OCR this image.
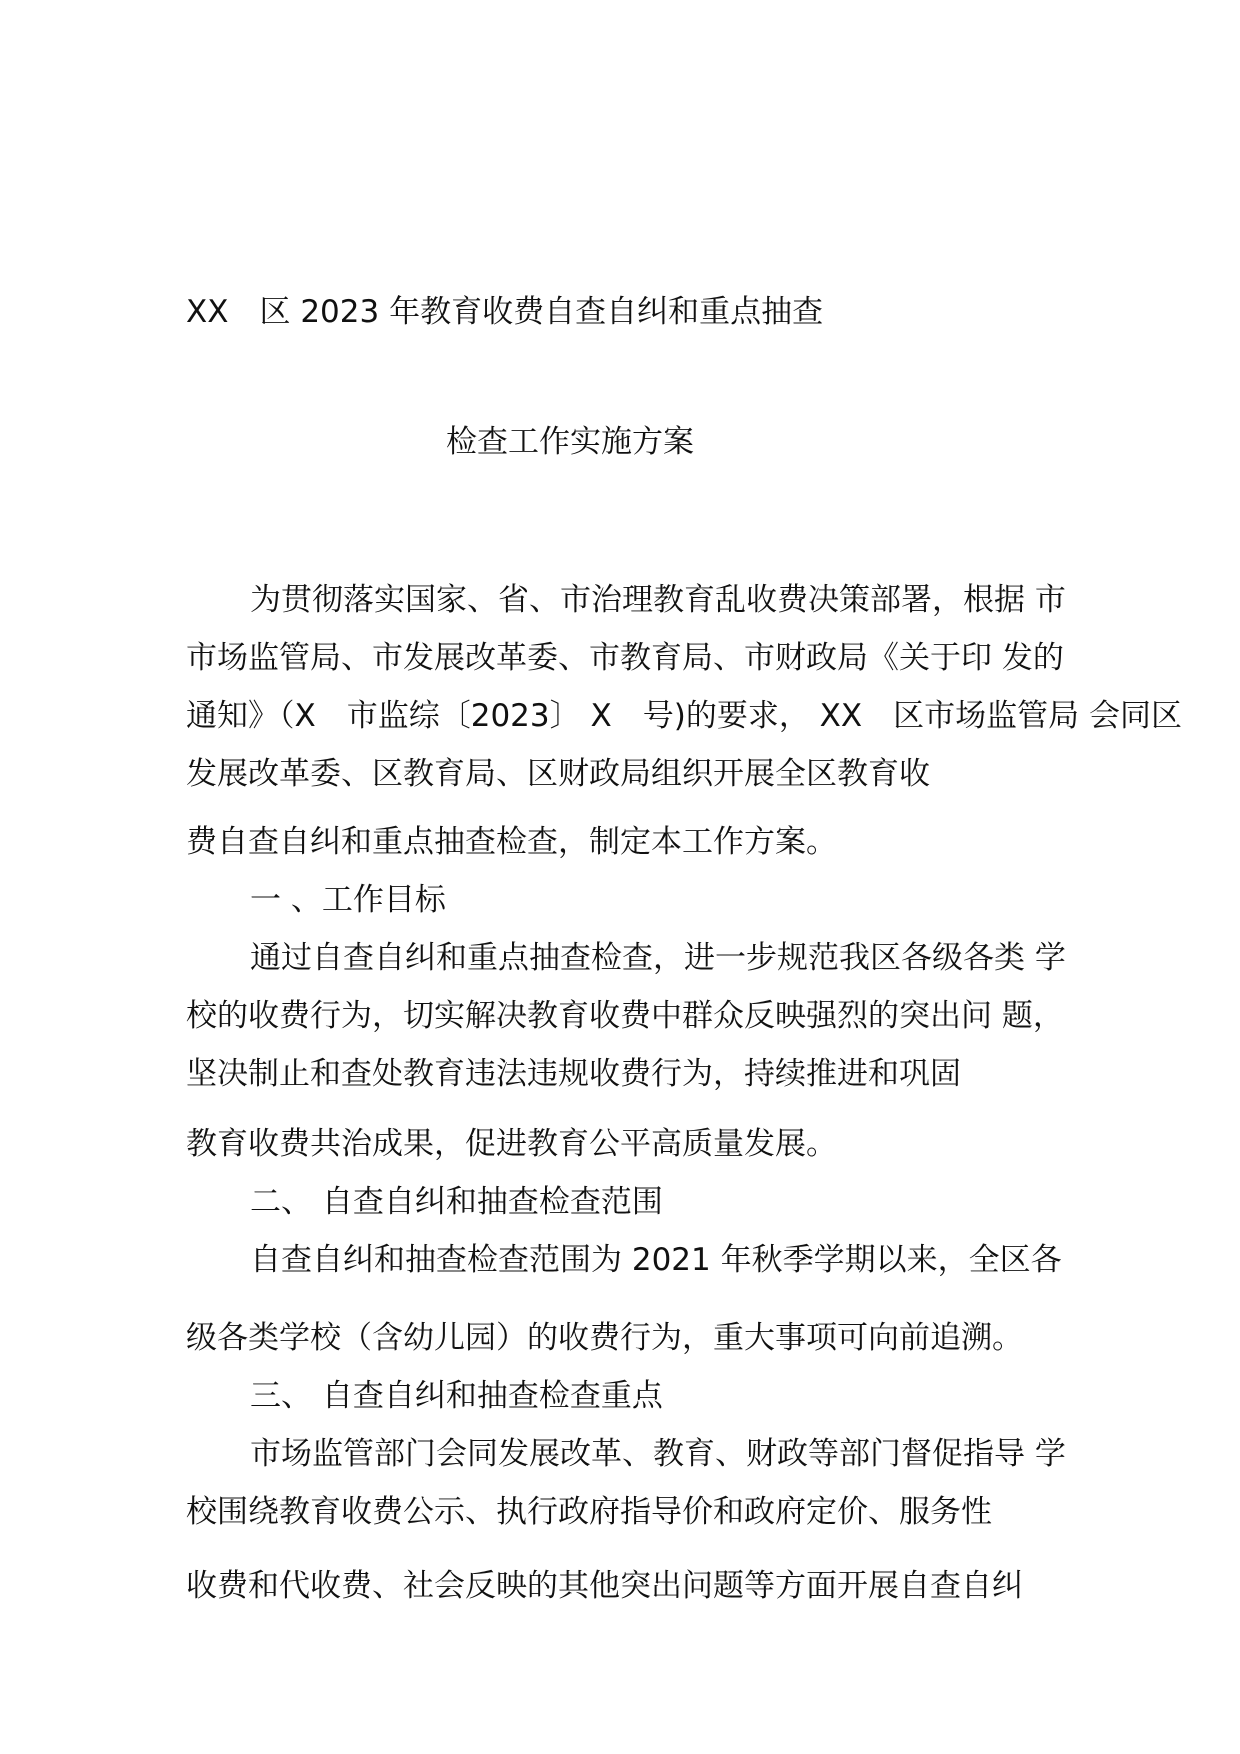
XX　区 2023 年教育收费自查自纠和重点抽查
检查工作实施方案
为贯彻落实国家、省、市治理教育乱收费决策部署，根据 市
市场监管局、市发展改革委、市教育局、市财政局《关于印 发的
通知》（X　市监综〔2023〕 X　号)的要求， XX　区市场监管局 会同区
发展改革委、区教育局、区财政局组织开展全区教育收
费自查自纠和重点抽查检查，制定本工作方案。
一 、工作目标
通过自查自纠和重点抽查检查，进一步规范我区各级各类 学
校的收费行为，切实解决教育收费中群众反映强烈的突出问 题，
坚决制止和查处教育违法违规收费行为，持续推进和巩固
教育收费共治成果，促进教育公平高质量发展。
二、 自查自纠和抽查检查范围
自查自纠和抽查检查范围为 2021 年秋季学期以来，全区各
级各类学校（含幼儿园）的收费行为，重大事项可向前追溯。
三、 自查自纠和抽查检查重点
市场监管部门会同发展改革、教育、财政等部门督促指导 学
校围绕教育收费公示、执行政府指导价和政府定价、服务性
收费和代收费、社会反映的其他突出问题等方面开展自查自纠
